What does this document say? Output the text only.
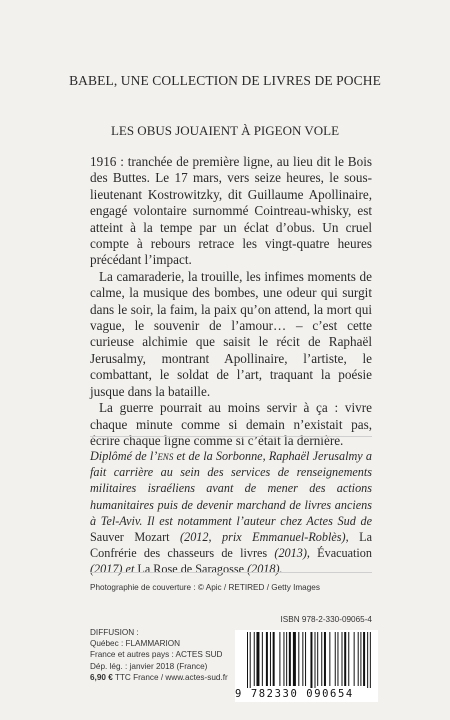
BABEL, UNE COLLECTION DE LIVRES DE POCHE
LES OBUS JOUAIENT À PIGEON VOLE

1916 : tranchée de première ligne, au lieu dit le Bois des Buttes. Le 17 mars, vers seize heures, le sous-lieutenant Kostrowitzky, dit Guillaume Apollinaire, engagé volontaire surnommé Cointreau-whisky, est atteint à la tempe par un éclat d’obus. Un cruel compte à rebours retrace les vingt-quatre heures précédant l’impact.

La camaraderie, la trouille, les infimes moments de calme, la musique des bombes, une odeur qui surgit dans le soir, la faim, la paix qu’on attend, la mort qui vague, le souvenir de l’amour… – c’est cette curieuse alchimie que saisit le récit de Raphaël Jerusalmy, montrant Apollinaire, l’artiste, le combattant, le soldat de l’art, traquant la poésie jusque dans la bataille.

La guerre pourrait au moins servir à ça : vivre chaque minute comme si demain n’existait pas, écrire chaque ligne comme si c’était la dernière.

Diplômé de l’ens et de la Sorbonne, Raphaël Jerusalmy a fait carrière au sein des services de renseignements militaires israéliens avant de mener des actions humanitaires puis de devenir marchand de livres anciens à Tel-Aviv. Il est notamment l’auteur chez Actes Sud de Sauver Mozart (2012, prix Emmanuel-Roblès), La Confrérie des chasseurs de livres (2013), Évacuation (2017) et La Rose de Saragosse (2018).
Photographie de couverture : © Apic / RETIRED / Getty Images
DIFFUSION :
Québec : FLAMMARION
France et autres pays : ACTES SUD
Dép. lég. : janvier 2018 (France)
6,90 € TTC France / www.actes-sud.fr
ISBN 978-2-330-09065-4
9 782330 090654
